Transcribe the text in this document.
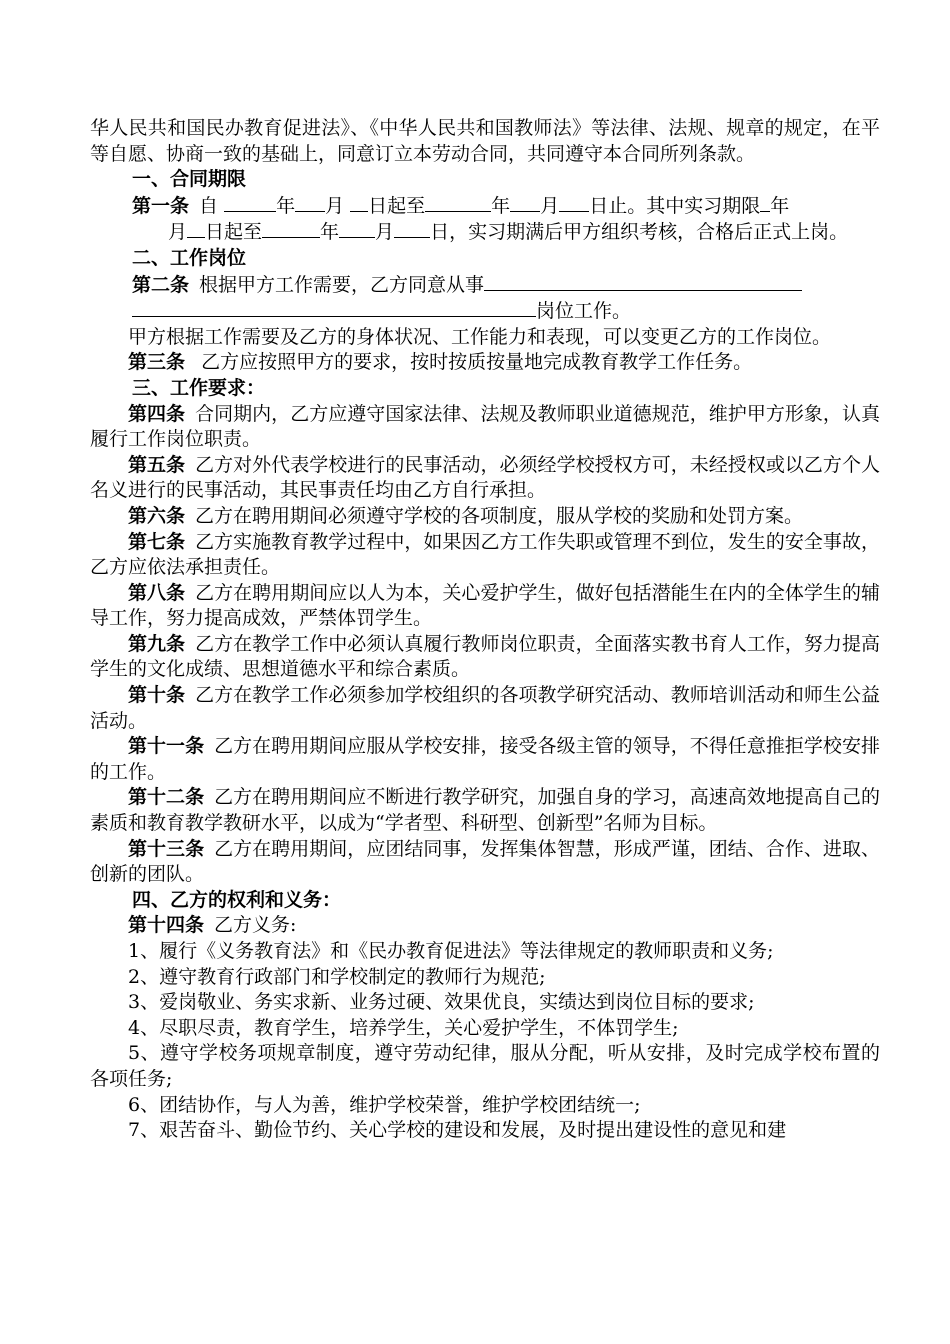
华人民共和国民办教育促进法》、《中华人民共和国教师法》等法律、法规、规章的规定，在平等自愿、协商一致的基础上，同意订立本劳动合同，共同遵守本合同所列条款。

一、合同期限

第一条 自	年 月 日起至	年 月 日止。其中实习期限 年
月 日起至	年 月 日，实习期满后甲方组织考核，合格后正式上岗。

二、工作岗位

第二条 根据甲方工作需要，乙方同意从事
岗位工作。

甲方根据工作需要及乙方的身体状况、工作能力和表现，可以变更乙方的工作岗位。

第三条 乙方应按照甲方的要求，按时按质按量地完成教育教学工作任务。

三、工作要求：

第四条 合同期内，乙方应遵守国家法律、法规及教师职业道德规范，维护甲方形象，认真履行工作岗位职责。

第五条 乙方对外代表学校进行的民事活动，必须经学校授权方可，未经授权或以乙方个人名义进行的民事活动，其民事责任均由乙方自行承担。

第六条 乙方在聘用期间必须遵守学校的各项制度，服从学校的奖励和处罚方案。

第七条 乙方实施教育教学过程中，如果因乙方工作失职或管理不到位，发生的安全事故，乙方应依法承担责任。

第八条 乙方在聘用期间应以人为本，关心爱护学生，做好包括潜能生在内的全体学生的辅导工作，努力提高成效，严禁体罚学生。

第九条 乙方在教学工作中必须认真履行教师岗位职责，全面落实教书育人工作，努力提高学生的文化成绩、思想道德水平和综合素质。

第十条 乙方在教学工作必须参加学校组织的各项教学研究活动、教师培训活动和师生公益活动。

第十一条 乙方在聘用期间应服从学校安排，接受各级主管的领导，不得任意推拒学校安排的工作。

第十二条 乙方在聘用期间应不断进行教学研究，加强自身的学习，高速高效地提高自己的素质和教育教学教研水平，以成为“学者型、科研型、创新型”名师为目标。

第十三条 乙方在聘用期间，应团结同事，发挥集体智慧，形成严谨，团结、合作、进取、创新的团队。

四、乙方的权利和义务：

第十四条 乙方义务:

1、履行《义务教育法》和《民办教育促进法》等法律规定的教师职责和义务;

2、遵守教育行政部门和学校制定的教师行为规范;

3、爱岗敬业、务实求新、业务过硬、效果优良，实绩达到岗位目标的要求;

4、尽职尽责，教育学生，培养学生，关心爱护学生，不体罚学生;

5、遵守学校务项规章制度，遵守劳动纪律，服从分配，听从安排，及时完成学校布置的各项任务;

6、团结协作，与人为善，维护学校荣誉，维护学校团结统一;

7、艰苦奋斗、勤俭节约、关心学校的建设和发展，及时提出建设性的意见和建
